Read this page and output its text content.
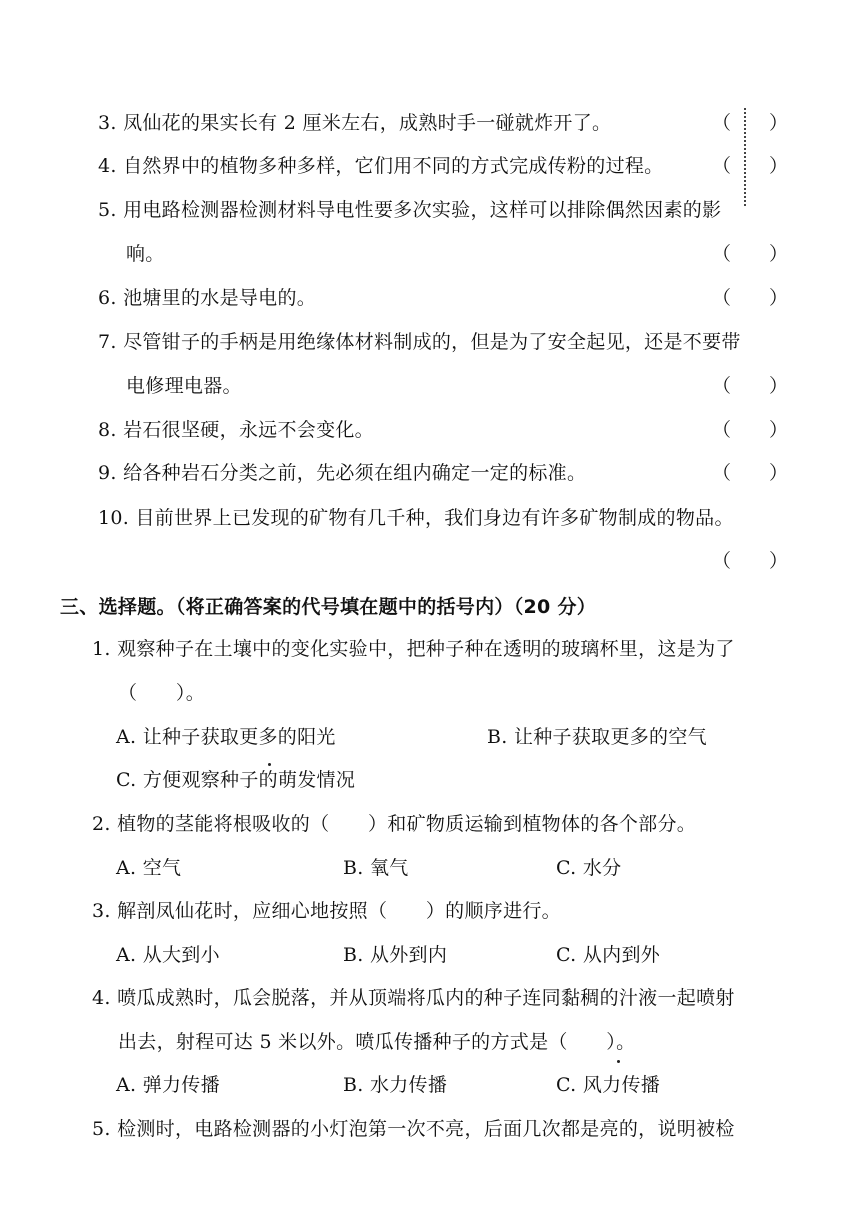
3. 凤仙花的果实长有 2 厘米左右，成熟时手一碰就炸开了。	（　　）
4. 自然界中的植物多种多样，它们用不同的方式完成传粉的过程。	（　　）
5. 用电路检测器检测材料导电性要多次实验，这样可以排除偶然因素的影
响。	（　　）
6. 池塘里的水是导电的。	（　　）
7. 尽管钳子的手柄是用绝缘体材料制成的，但是为了安全起见，还是不要带
电修理电器。	（　　）
8. 岩石很坚硬，永远不会变化。	（　　）
9. 给各种岩石分类之前，先必须在组内确定一定的标准。	（　　）
10. 目前世界上已发现的矿物有几千种，我们身边有许多矿物制成的物品。
（　　）
三、选择题。（将正确答案的代号填在题中的括号内）（20 分）
1. 观察种子在土壤中的变化实验中，把种子种在透明的玻璃杯里，这是为了
（　　）。
A. 让种子获取更多的阳光	B. 让种子获取更多的空气
C. 方便观察种子的萌发情况
2. 植物的茎能将根吸收的（　　）和矿物质运输到植物体的各个部分。
A. 空气	B. 氧气	C. 水分
3. 解剖凤仙花时，应细心地按照（　　）的顺序进行。
A. 从大到小	B. 从外到内	C. 从内到外
4. 喷瓜成熟时，瓜会脱落，并从顶端将瓜内的种子连同黏稠的汁液一起喷射
出去，射程可达 5 米以外。喷瓜传播种子的方式是（　　）。
A. 弹力传播	B. 水力传播	C. 风力传播
5. 检测时，电路检测器的小灯泡第一次不亮，后面几次都是亮的，说明被检
